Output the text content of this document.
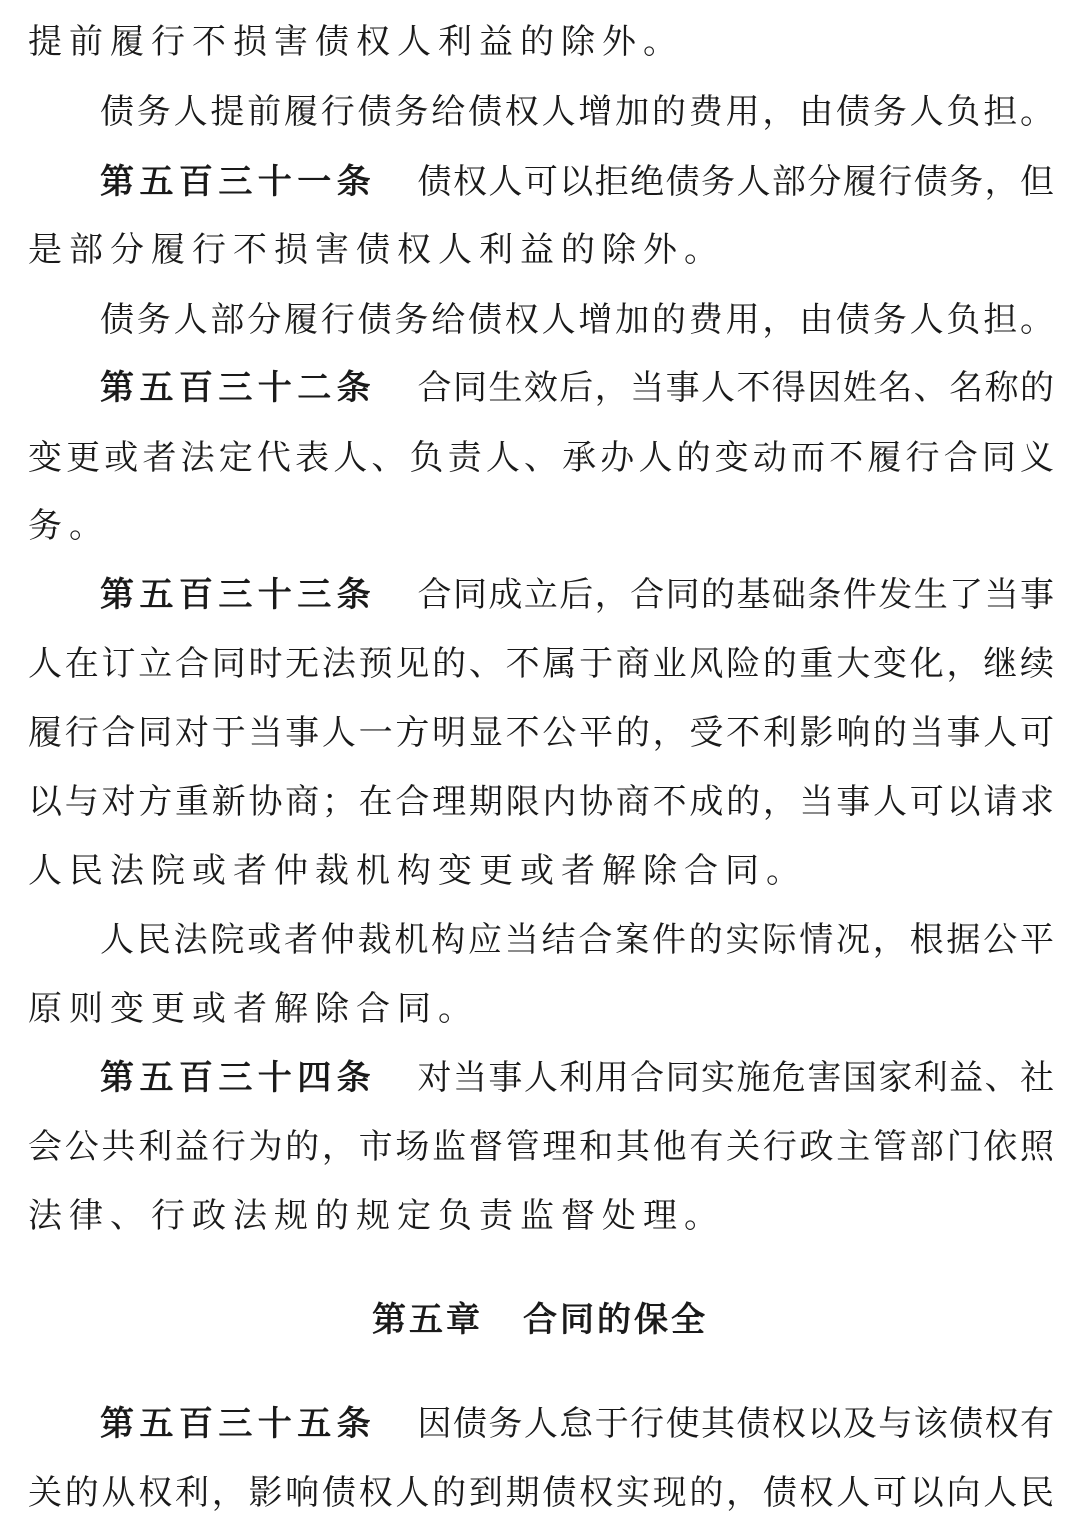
提前履行不损害债权人利益的除外。
债务人提前履行债务给债权人增加的费用，由债务人负担。
第五百三十一条 债权人可以拒绝债务人部分履行债务，但
是部分履行不损害债权人利益的除外。
债务人部分履行债务给债权人增加的费用，由债务人负担。
第五百三十二条 合同生效后，当事人不得因姓名、名称的
变更或者法定代表人、负责人、承办人的变动而不履行合同义
务。
第五百三十三条 合同成立后，合同的基础条件发生了当事
人在订立合同时无法预见的、不属于商业风险的重大变化，继续
履行合同对于当事人一方明显不公平的，受不利影响的当事人可
以与对方重新协商；在合理期限内协商不成的，当事人可以请求
人民法院或者仲裁机构变更或者解除合同。
人民法院或者仲裁机构应当结合案件的实际情况，根据公平
原则变更或者解除合同。
第五百三十四条 对当事人利用合同实施危害国家利益、社
会公共利益行为的，市场监督管理和其他有关行政主管部门依照
法律、行政法规的规定负责监督处理。
第五章 合同的保全
第五百三十五条 因债务人怠于行使其债权以及与该债权有
关的从权利，影响债权人的到期债权实现的，债权人可以向人民
